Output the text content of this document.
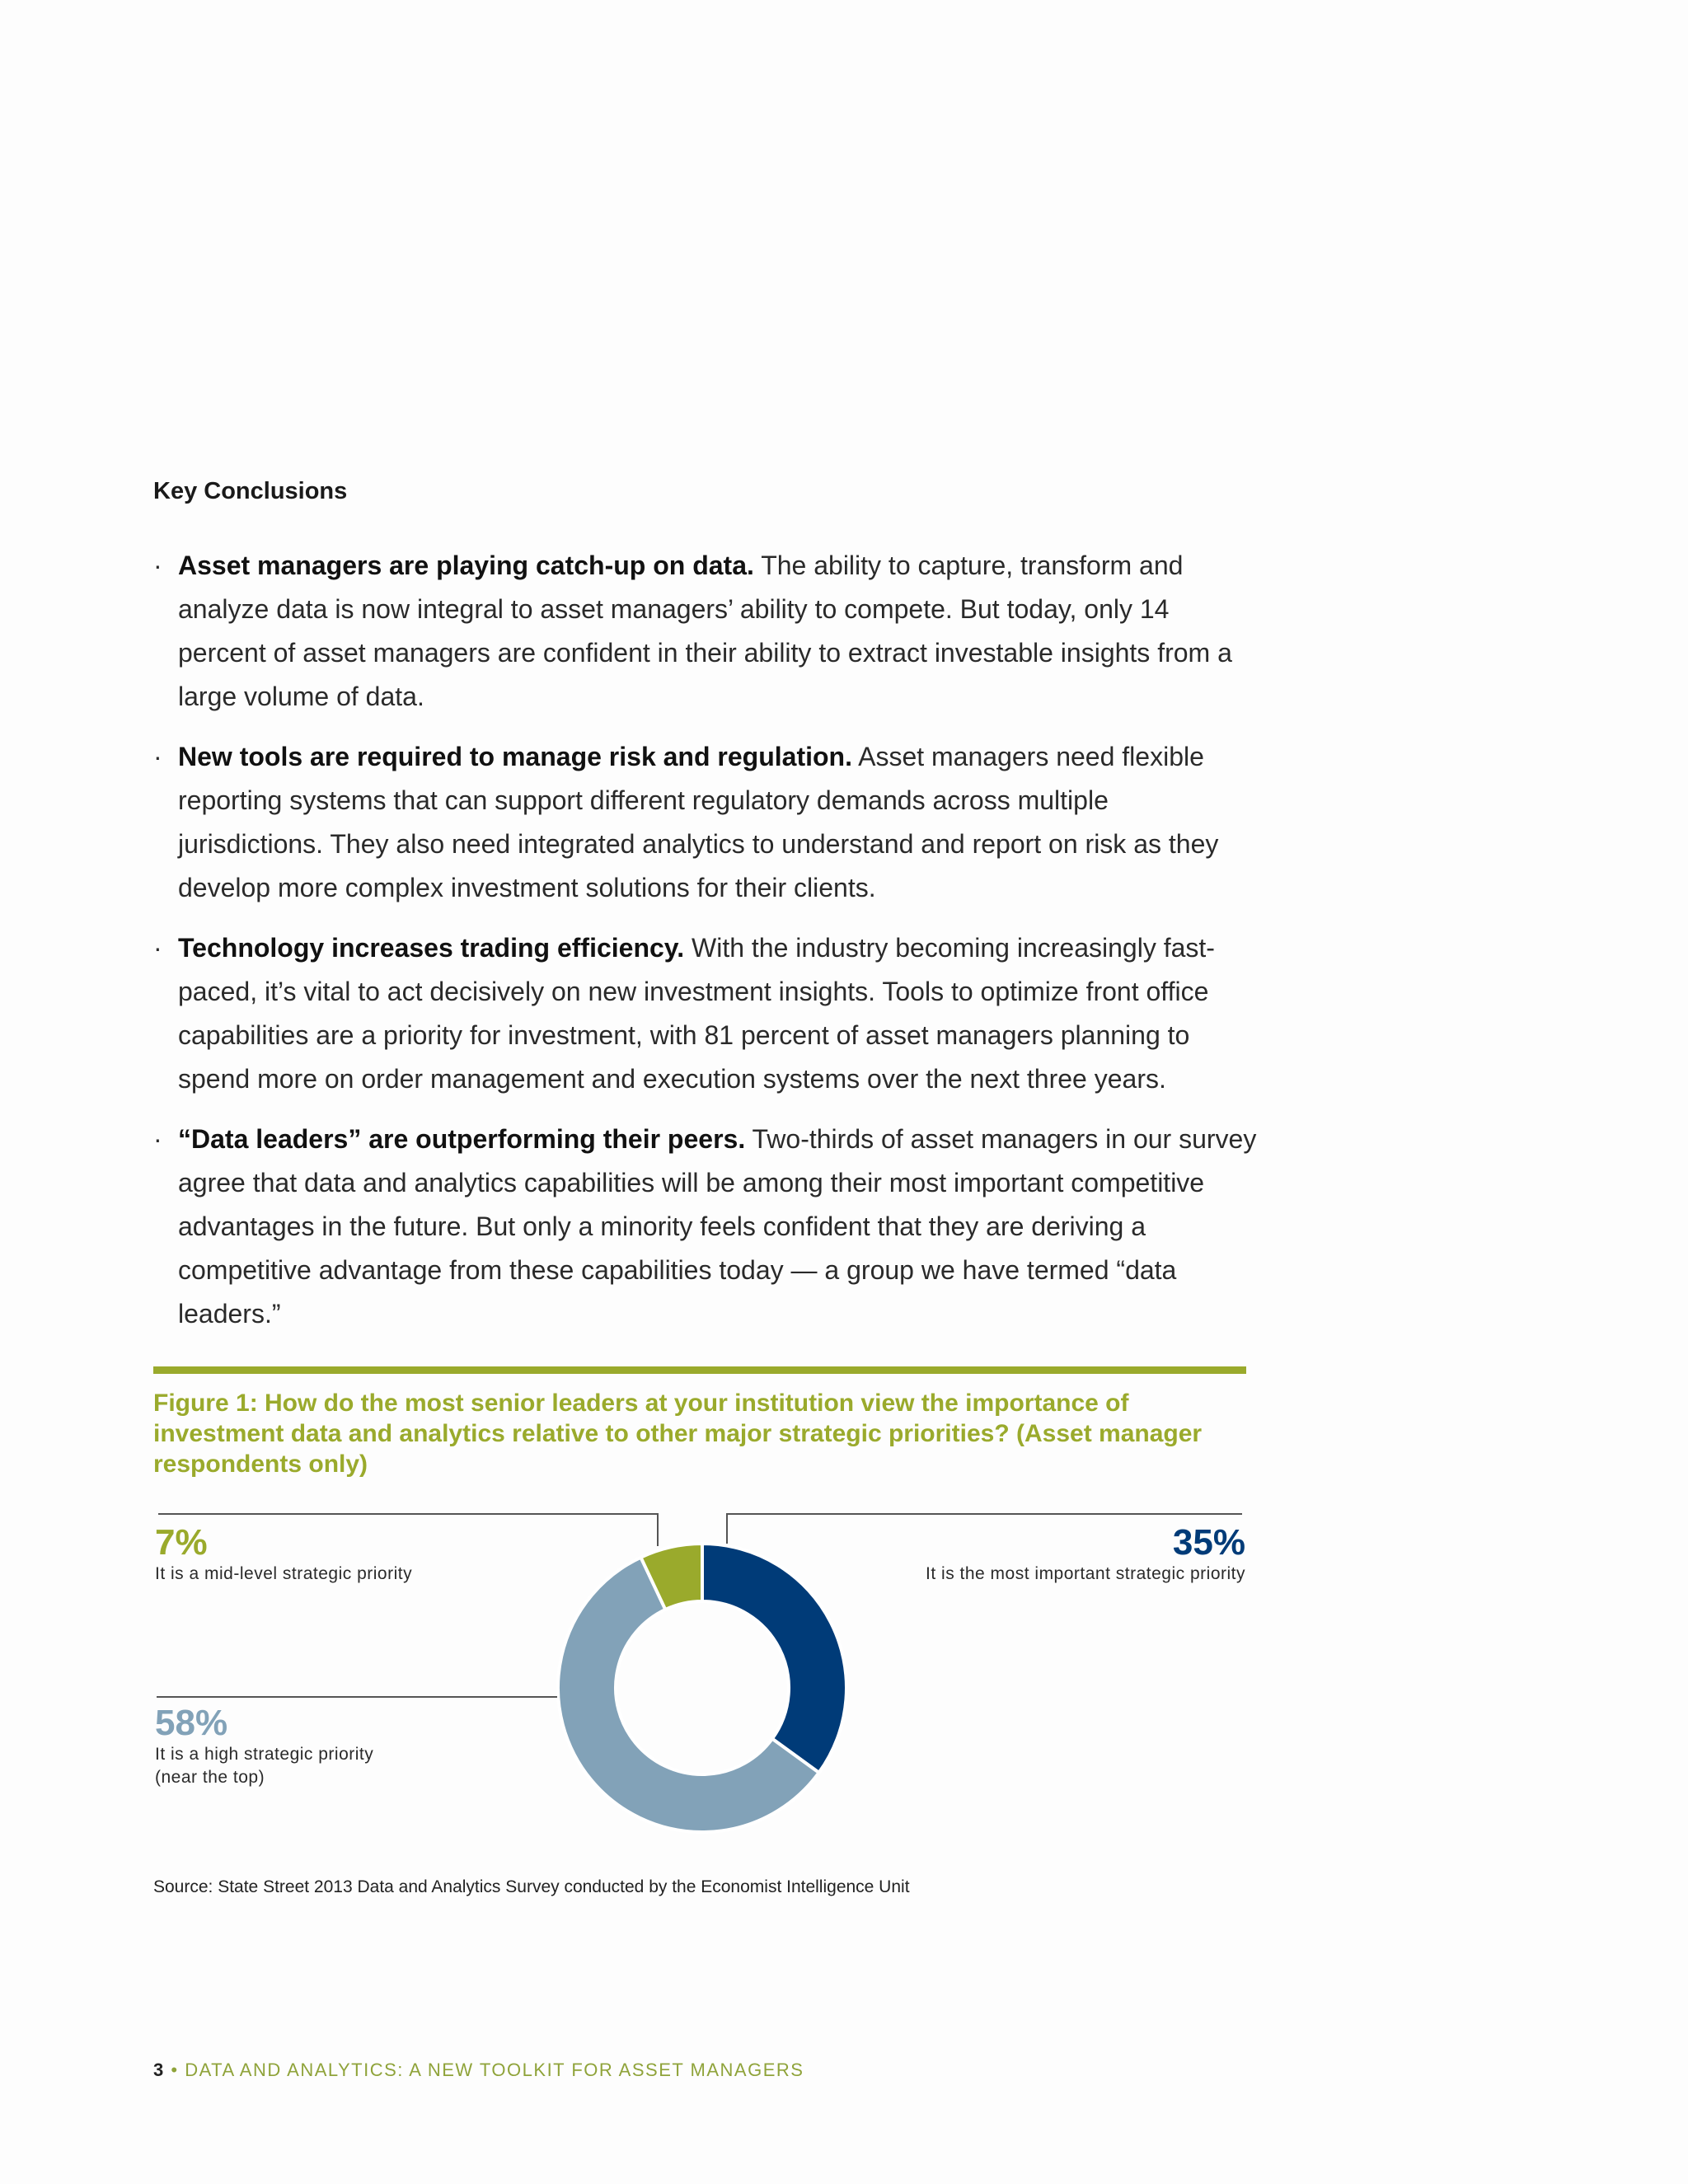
Key Conclusions
· Asset managers are playing catch-up on data. The ability to capture, transform and analyze data is now integral to asset managers’ ability to compete. But today, only 14 percent of asset managers are confident in their ability to extract investable insights from a large volume of data.
· New tools are required to manage risk and regulation. Asset managers need flexible reporting systems that can support different regulatory demands across multiple jurisdictions. They also need integrated analytics to understand and report on risk as they develop more complex investment solutions for their clients.
· Technology increases trading efficiency. With the industry becoming increasingly fast-paced, it’s vital to act decisively on new investment insights. Tools to optimize front office capabilities are a priority for investment, with 81 percent of asset managers planning to spend more on order management and execution systems over the next three years.
· “Data leaders” are outperforming their peers. Two-thirds of asset managers in our survey agree that data and analytics capabilities will be among their most important competitive advantages in the future. But only a minority feels confident that they are deriving a competitive advantage from these capabilities today — a group we have termed “data leaders.”
Figure 1: How do the most senior leaders at your institution view the importance of investment data and analytics relative to other major strategic priorities? (Asset manager respondents only)
35%
It is the most important strategic priority
58%
It is a high strategic priority
(near the top)
7%
It is a mid-level strategic priority
Source: State Street 2013 Data and Analytics Survey conducted by the Economist Intelligence Unit
3 • DATA AND ANALYTICS: A NEW TOOLKIT FOR ASSET MANAGERS
